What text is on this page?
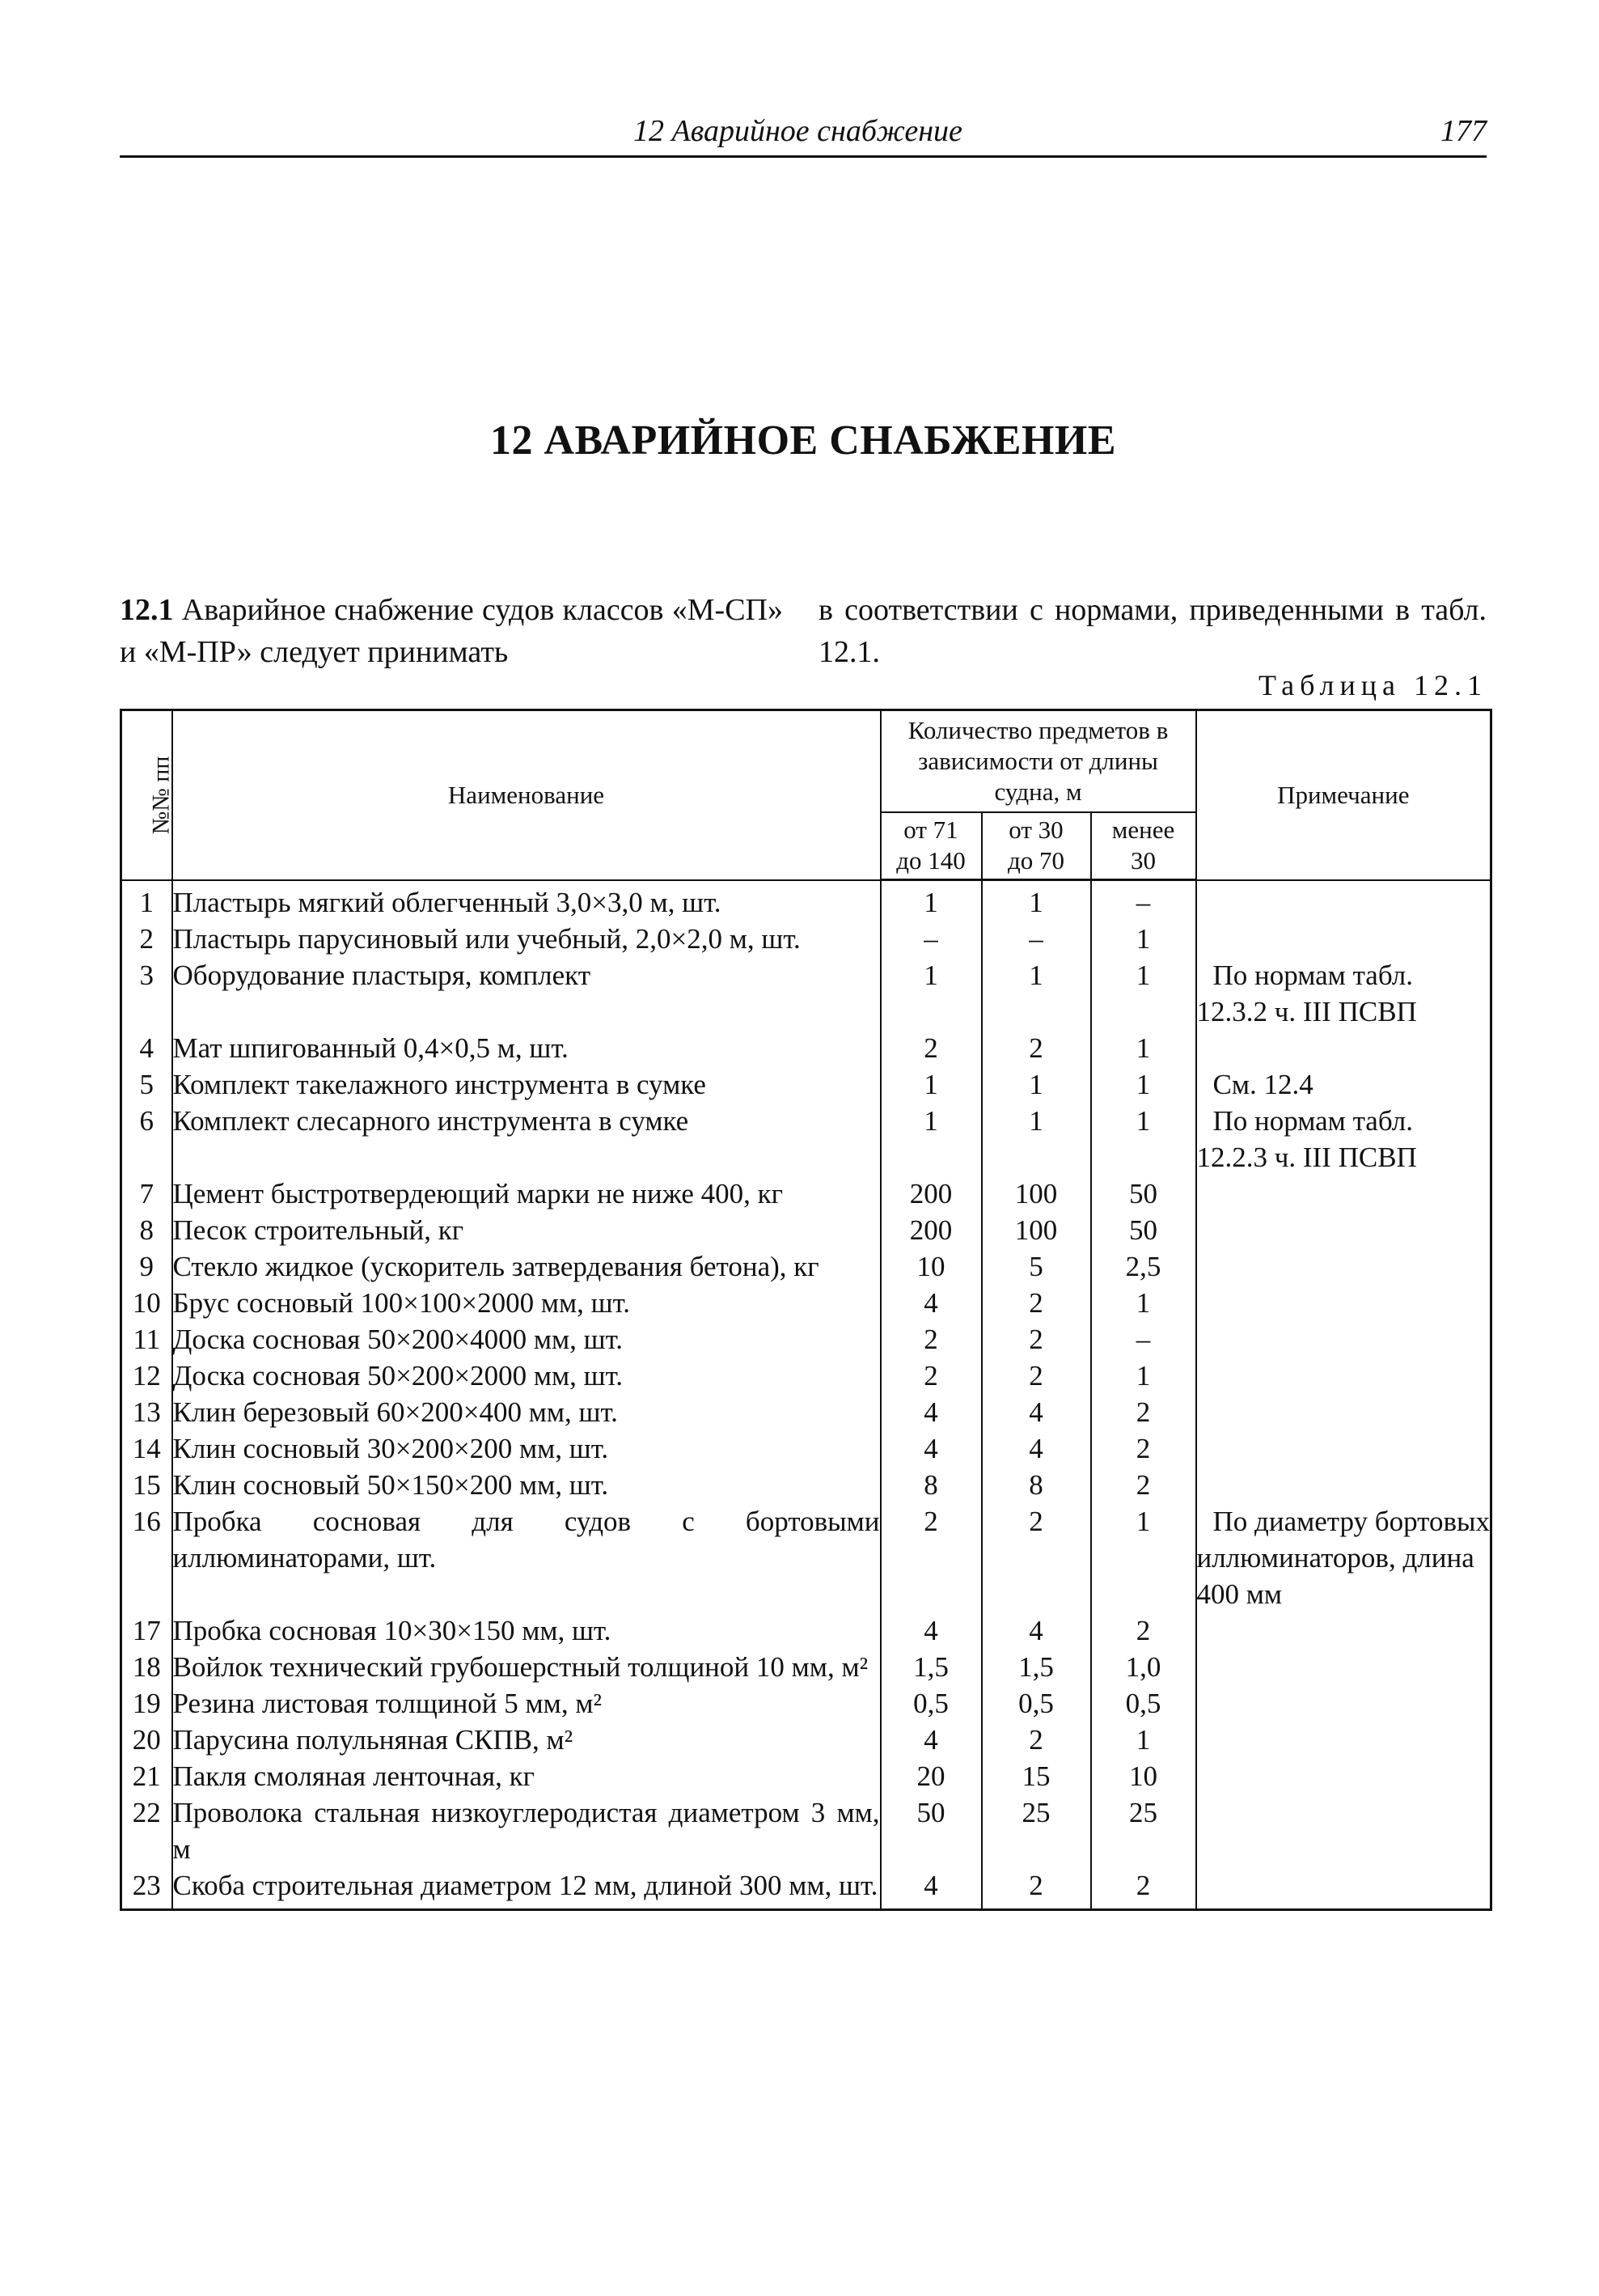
12 Аварийное снабжение	177
12 АВАРИЙНОЕ СНАБЖЕНИЕ
12.1 Аварийное снабжение судов классов «М-СП» и «М-ПР» следует принимать
в соответствии с нормами, приведенными в табл. 12.1.
Таблица 12.1
№№ пп	Наименование	Количество предметов в зависимости от длины судна, м			Примечание
		от 71 до 140	от 30 до 70	менее 30	
1	Пластырь мягкий облегченный 3,0×3,0 м, шт.	1	1	–	
2	Пластырь парусиновый или учебный, 2,0×2,0 м, шт.	–	–	1	
3	Оборудование пластыря, комплект	1	1	1	По нормам табл. 12.3.2 ч. III ПСВП
4	Мат шпигованный 0,4×0,5 м, шт.	2	2	1	
5	Комплект такелажного инструмента в сумке	1	1	1	См. 12.4
6	Комплект слесарного инструмента в сумке	1	1	1	По нормам табл. 12.2.3 ч. III ПСВП
7	Цемент быстротвердеющий марки не ниже 400, кг	200	100	50	
8	Песок строительный, кг	200	100	50	
9	Стекло жидкое (ускоритель затвердевания бетона), кг	10	5	2,5	
10	Брус сосновый 100×100×2000 мм, шт.	4	2	1	
11	Доска сосновая 50×200×4000 мм, шт.	2	2	–	
12	Доска сосновая 50×200×2000 мм, шт.	2	2	1	
13	Клин березовый 60×200×400 мм, шт.	4	4	2	
14	Клин сосновый 30×200×200 мм, шт.	4	4	2	
15	Клин сосновый 50×150×200 мм, шт.	8	8	2	
16	Пробка сосновая для судов с бортовыми иллюминаторами, шт.	2	2	1	По диаметру бортовых иллюминаторов, длина 400 мм
17	Пробка сосновая 10×30×150 мм, шт.	4	4	2	
18	Войлок технический грубошерстный толщиной 10 мм, м²	1,5	1,5	1,0	
19	Резина листовая толщиной 5 мм, м²	0,5	0,5	0,5	
20	Парусина полульняная СКПВ, м²	4	2	1	
21	Пакля смоляная ленточная, кг	20	15	10	
22	Проволока стальная низкоуглеродистая диаметром 3 мм, м	50	25	25	
23	Скоба строительная диаметром 12 мм, длиной 300 мм, шт.	4	2	2	
